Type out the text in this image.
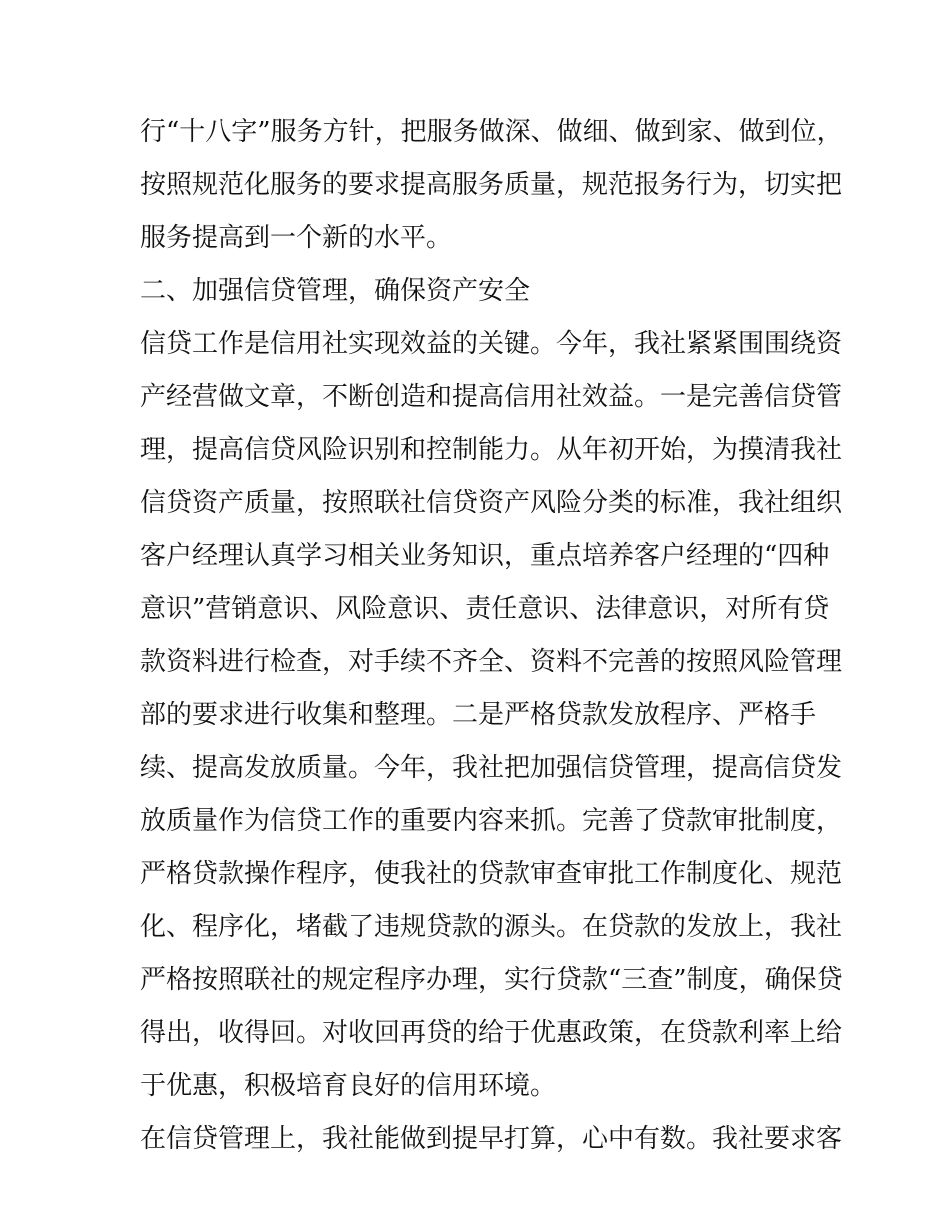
行“十八字”服务方针，把服务做深、做细、做到家、做到位，
按照规范化服务的要求提高服务质量，规范报务行为，切实把
服务提高到一个新的水平。
二、加强信贷管理，确保资产安全
信贷工作是信用社实现效益的关键。今年，我社紧紧围围绕资
产经营做文章，不断创造和提高信用社效益。一是完善信贷管
理，提高信贷风险识别和控制能力。从年初开始，为摸清我社
信贷资产质量，按照联社信贷资产风险分类的标准，我社组织
客户经理认真学习相关业务知识，重点培养客户经理的“四种
意识”营销意识、风险意识、责任意识、法律意识，对所有贷
款资料进行检查，对手续不齐全、资料不完善的按照风险管理
部的要求进行收集和整理。二是严格贷款发放程序、严格手
续、提高发放质量。今年，我社把加强信贷管理，提高信贷发
放质量作为信贷工作的重要内容来抓。完善了贷款审批制度，
严格贷款操作程序，使我社的贷款审查审批工作制度化、规范
化、程序化，堵截了违规贷款的源头。在贷款的发放上，我社
严格按照联社的规定程序办理，实行贷款“三查”制度，确保贷
得出，收得回。对收回再贷的给于优惠政策，在贷款利率上给
于优惠，积极培育良好的信用环境。
在信贷管理上，我社能做到提早打算，心中有数。我社要求客
